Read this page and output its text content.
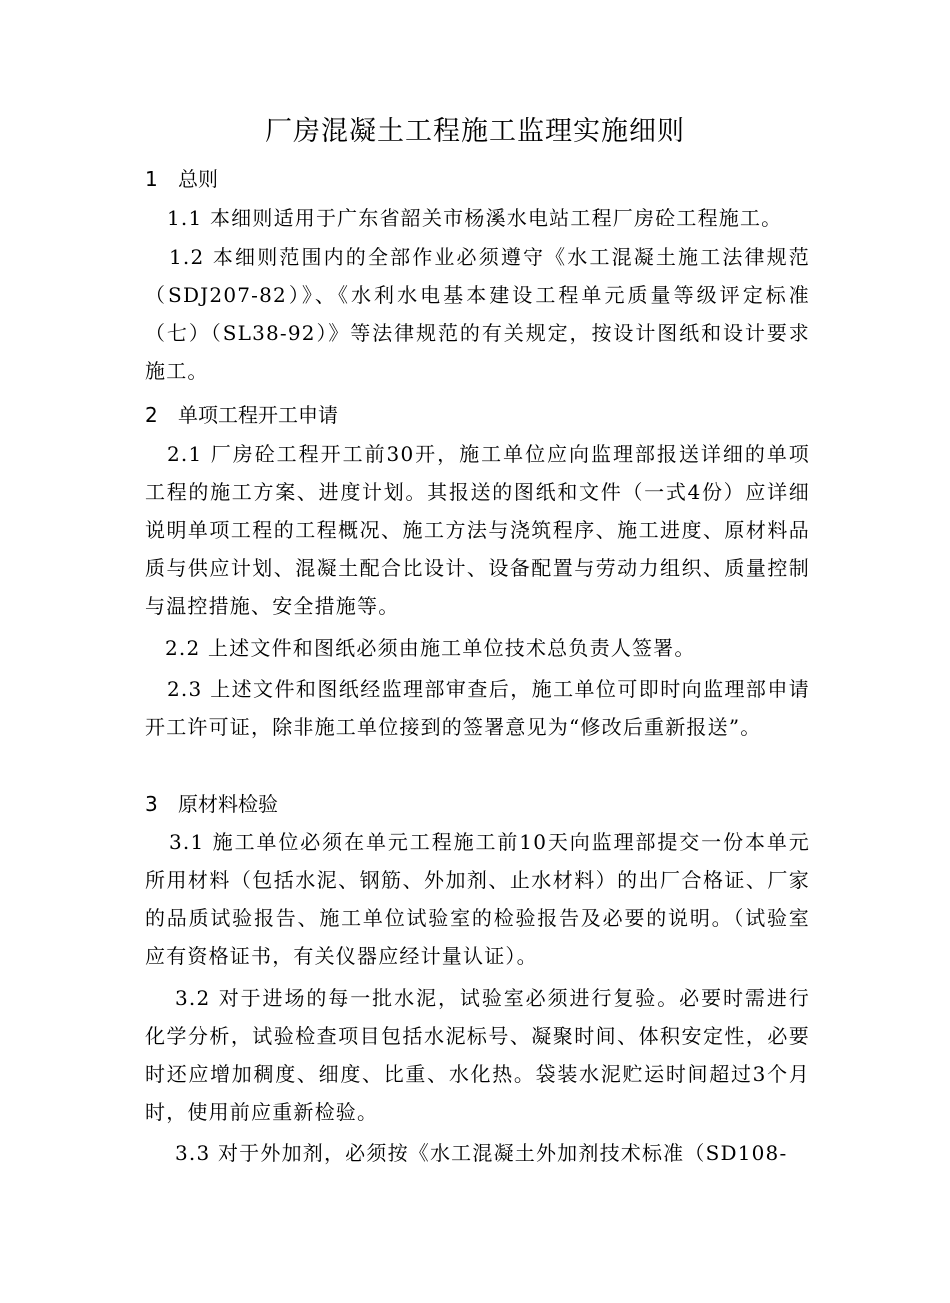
厂房混凝土工程施工监理实施细则
1 总则

1.1 本细则适用于广东省韶关市杨溪水电站工程厂房砼工程施工。

1.2 本细则范围内的全部作业必须遵守《水工混凝土施工法律规范（SDJ207-82）》、《水利水电基本建设工程单元质量等级评定标准（七）（SL38-92）》等法律规范的有关规定，按设计图纸和设计要求施工。

2 单项工程开工申请

2.1 厂房砼工程开工前30开，施工单位应向监理部报送详细的单项工程的施工方案、进度计划。其报送的图纸和文件（一式4份）应详细说明单项工程的工程概况、施工方法与浇筑程序、施工进度、原材料品质与供应计划、混凝土配合比设计、设备配置与劳动力组织、质量控制与温控措施、安全措施等。

2.2 上述文件和图纸必须由施工单位技术总负责人签署。

2.3 上述文件和图纸经监理部审查后，施工单位可即时向监理部申请开工许可证，除非施工单位接到的签署意见为“修改后重新报送”。

3 原材料检验

3.1 施工单位必须在单元工程施工前10天向监理部提交一份本单元所用材料（包括水泥、钢筋、外加剂、止水材料）的出厂合格证、厂家的品质试验报告、施工单位试验室的检验报告及必要的说明。（试验室应有资格证书，有关仪器应经计量认证）。

3.2 对于进场的每一批水泥，试验室必须进行复验。必要时需进行化学分析，试验检查项目包括水泥标号、凝聚时间、体积安定性，必要时还应增加稠度、细度、比重、水化热。袋装水泥贮运时间超过3个月时，使用前应重新检验。

3.3 对于外加剂，必须按《水工混凝土外加剂技术标准（SD108-
